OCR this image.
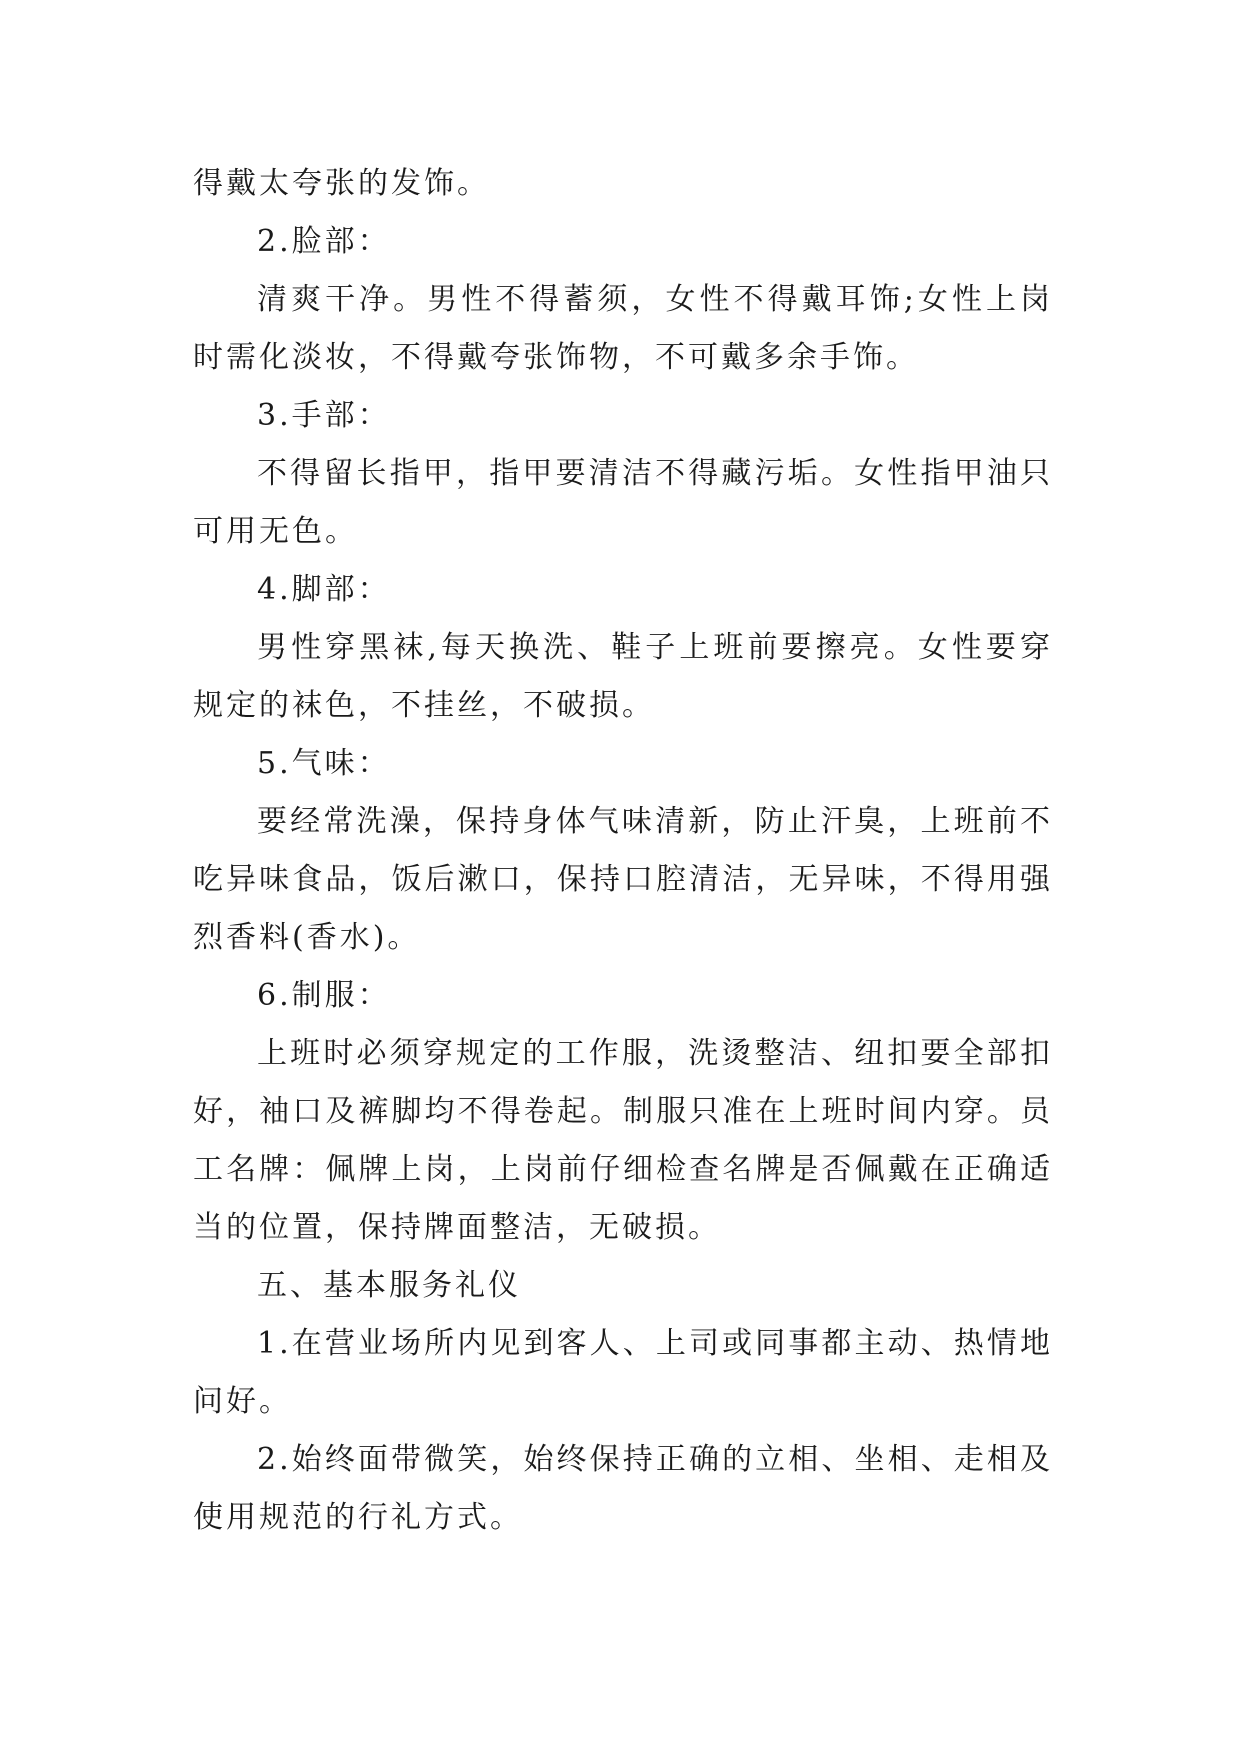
得戴太夸张的发饰。

2.脸部：

清爽干净。男性不得蓄须，女性不得戴耳饰;女性上岗时需化淡妆，不得戴夸张饰物，不可戴多余手饰。

3.手部：

不得留长指甲，指甲要清洁不得藏污垢。女性指甲油只可用无色。

4.脚部：

男性穿黑袜,每天换洗、鞋子上班前要擦亮。女性要穿规定的袜色，不挂丝，不破损。

5.气味：

要经常洗澡，保持身体气味清新，防止汗臭，上班前不吃异味食品，饭后漱口，保持口腔清洁，无异味，不得用强烈香料(香水)。

6.制服：

上班时必须穿规定的工作服，洗烫整洁、纽扣要全部扣好，袖口及裤脚均不得卷起。制服只准在上班时间内穿。员工名牌：佩牌上岗，上岗前仔细检查名牌是否佩戴在正确适当的位置，保持牌面整洁，无破损。

五、基本服务礼仪

1.在营业场所内见到客人、上司或同事都主动、热情地问好。

2.始终面带微笑，始终保持正确的立相、坐相、走相及使用规范的行礼方式。
